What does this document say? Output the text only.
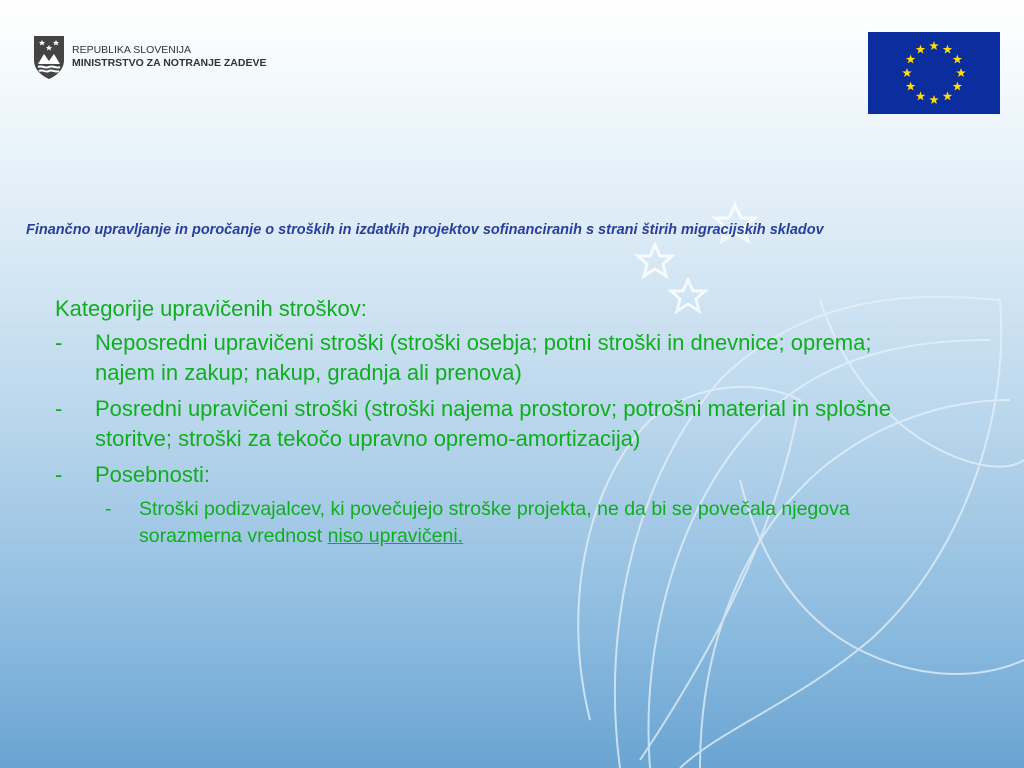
REPUBLIKA SLOVENIJA
MINISTRSTVO ZA NOTRANJE ZADEVE
Finančno upravljanje in poročanje o stroških in izdatkih projektov sofinanciranih s strani štirih migracijskih skladov
Kategorije upravičenih stroškov:
- Neposredni upravičeni stroški (stroški osebja; potni stroški in dnevnice; oprema; najem in zakup; nakup, gradnja ali prenova)
- Posredni upravičeni stroški (stroški najema prostorov; potrošni material in splošne storitve; stroški za tekočo upravno opremo-amortizacija)
- Posebnosti:
- Stroški podizvajalcev, ki povečujejo stroške projekta, ne da bi se povečala njegova sorazmerna vrednost niso upravičeni.
